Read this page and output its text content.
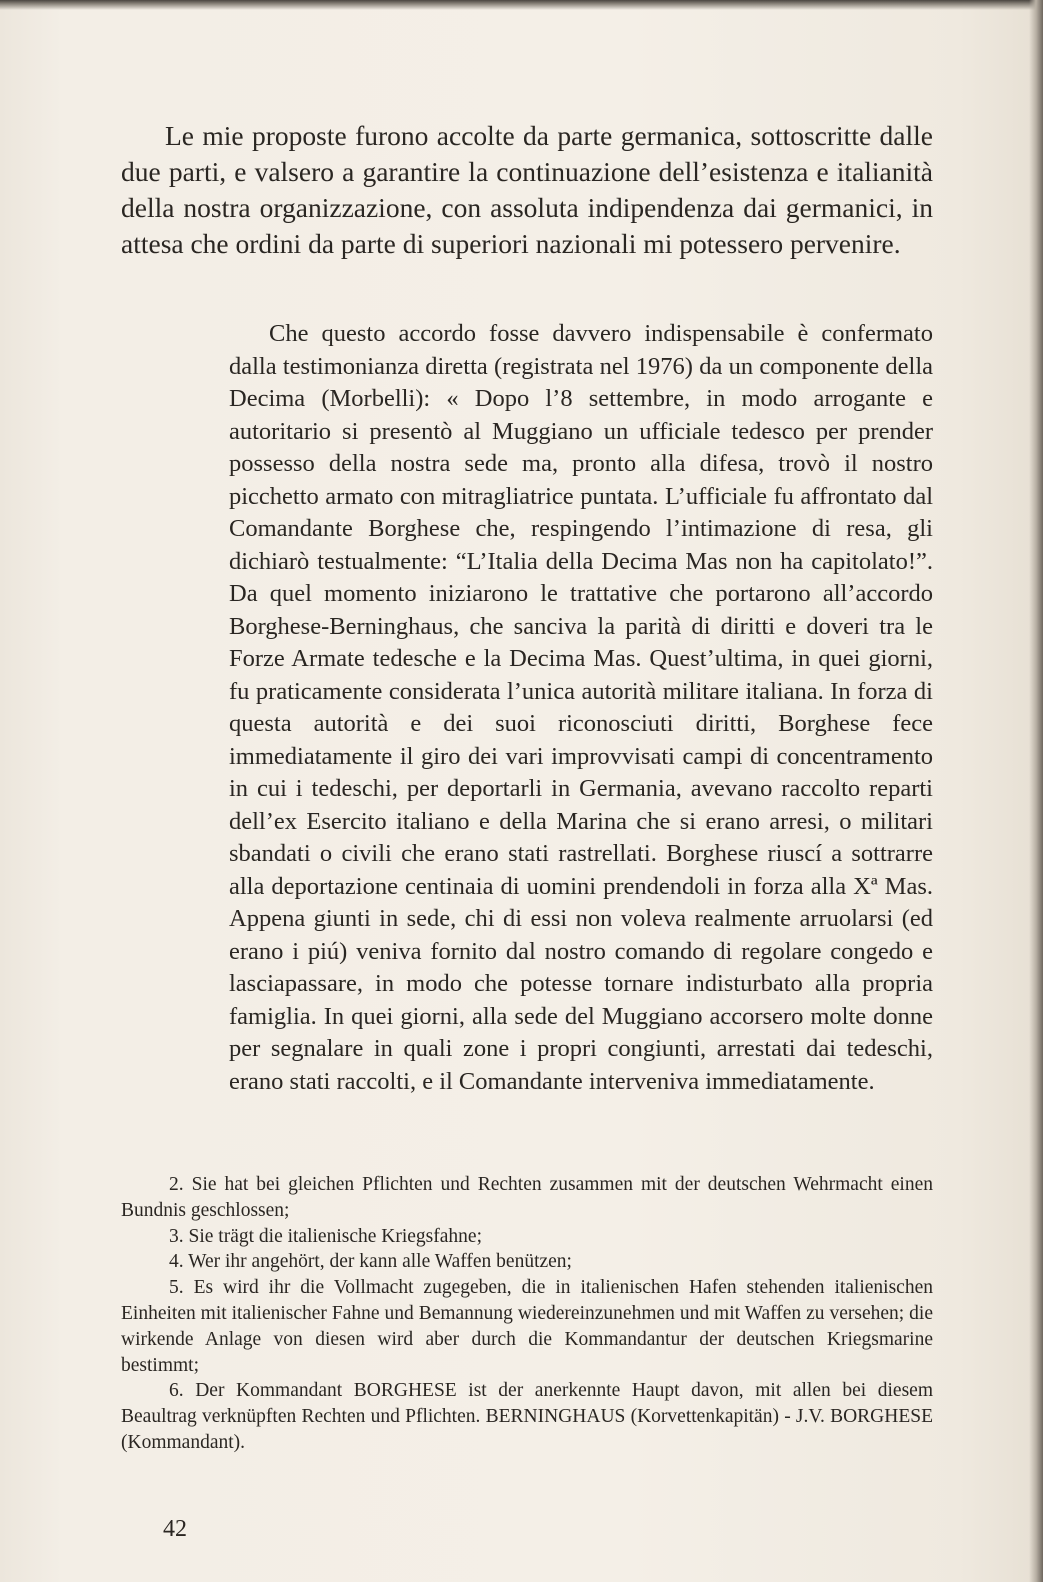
Le mie proposte furono accolte da parte germanica, sottoscritte dalle due parti, e valsero a garantire la continuazione dell’esistenza e italianità della nostra organizzazione, con assoluta indipendenza dai germanici, in attesa che ordini da parte di superiori nazionali mi potessero pervenire.

Che questo accordo fosse davvero indispensabile è confermato dalla testimonianza diretta (registrata nel 1976) da un componente della Decima (Morbelli): « Dopo l’8 settembre, in modo arrogante e autoritario si presentò al Muggiano un ufficiale tedesco per prender possesso della nostra sede ma, pronto alla difesa, trovò il nostro picchetto armato con mitragliatrice puntata. L’ufficiale fu affrontato dal Comandante Borghese che, respingendo l’intimazione di resa, gli dichiarò testualmente: “L’Italia della Decima Mas non ha capitolato!”. Da quel momento iniziarono le trattative che portarono all’accordo Borghese-Berninghaus, che sanciva la parità di diritti e doveri tra le Forze Armate tedesche e la Decima Mas. Quest’ultima, in quei giorni, fu praticamente considerata l’unica autorità militare italiana. In forza di questa autorità e dei suoi riconosciuti diritti, Borghese fece immediatamente il giro dei vari improvvisati campi di concentramento in cui i tedeschi, per deportarli in Germania, avevano raccolto reparti dell’ex Esercito italiano e della Marina che si erano arresi, o militari sbandati o civili che erano stati rastrellati. Borghese riuscí a sottrarre alla deportazione centinaia di uomini prendendoli in forza alla Xª Mas. Appena giunti in sede, chi di essi non voleva realmente arruolarsi (ed erano i piú) veniva fornito dal nostro comando di regolare congedo e lasciapassare, in modo che potesse tornare indisturbato alla propria famiglia. In quei giorni, alla sede del Muggiano accorsero molte donne per segnalare in quali zone i propri congiunti, arrestati dai tedeschi, erano stati raccolti, e il Comandante interveniva immediatamente.

2. Sie hat bei gleichen Pflichten und Rechten zusammen mit der deutschen Wehrmacht einen Bundnis geschlossen;

3. Sie trägt die italienische Kriegsfahne;

4. Wer ihr angehört, der kann alle Waffen benützen;

5. Es wird ihr die Vollmacht zugegeben, die in italienischen Hafen stehenden italienischen Einheiten mit italienischer Fahne und Bemannung wiedereinzunehmen und mit Waffen zu versehen; die wirkende Anlage von diesen wird aber durch die Kommandantur der deutschen Kriegsmarine bestimmt;

6. Der Kommandant BORGHESE ist der anerkennte Haupt davon, mit allen bei diesem Beaultrag verknüpften Rechten und Pflichten. BERNINGHAUS (Korvettenkapitän) - J.V. BORGHESE (Kommandant).

42
